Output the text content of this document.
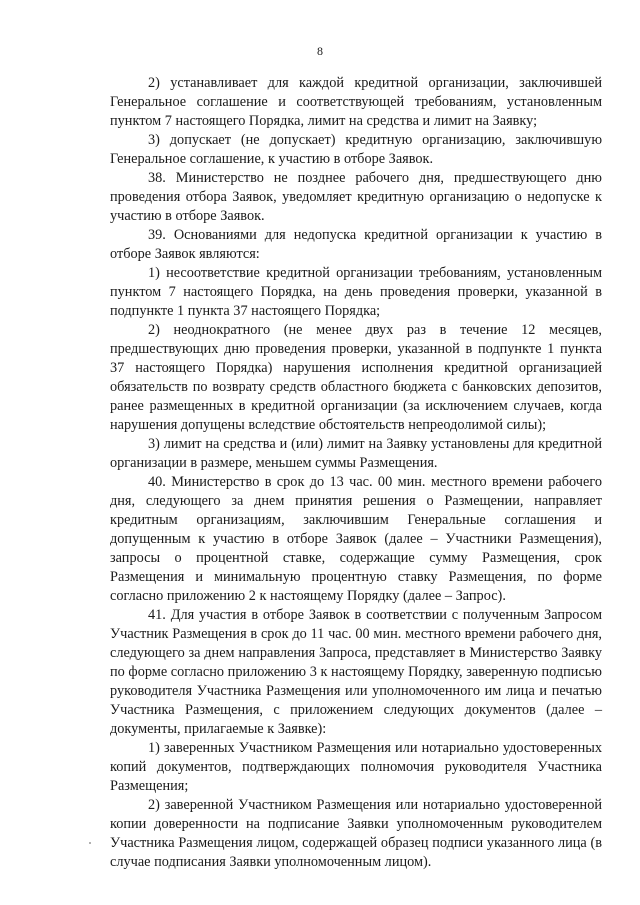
8

2) устанавливает для каждой кредитной организации, заключившей Генеральное соглашение и соответствующей требованиям, установленным пунктом 7 настоящего Порядка, лимит на средства и лимит на Заявку;

3) допускает (не допускает) кредитную организацию, заключившую Генеральное соглашение, к участию в отборе Заявок.

38. Министерство не позднее рабочего дня, предшествующего дню проведения отбора Заявок, уведомляет кредитную организацию о недопуске к участию в отборе Заявок.

39. Основаниями для недопуска кредитной организации к участию в отборе Заявок являются:

1) несоответствие кредитной организации требованиям, установленным пунктом 7 настоящего Порядка, на день проведения проверки, указанной в подпункте 1 пункта 37 настоящего Порядка;

2) неоднократного (не менее двух раз в течение 12 месяцев, предшествующих дню проведения проверки, указанной в подпункте 1 пункта 37 настоящего Порядка) нарушения исполнения кредитной организацией обязательств по возврату средств областного бюджета с банковских депозитов, ранее размещенных в кредитной организации (за исключением случаев, когда нарушения допущены вследствие обстоятельств непреодолимой силы);

3) лимит на средства и (или) лимит на Заявку установлены для кредитной организации в размере, меньшем суммы Размещения.

40. Министерство в срок до 13 час. 00 мин. местного времени рабочего дня, следующего за днем принятия решения о Размещении, направляет кредитным организациям, заключившим Генеральные соглашения и допущенным к участию в отборе Заявок (далее – Участники Размещения), запросы о процентной ставке, содержащие сумму Размещения, срок Размещения и минимальную процентную ставку Размещения, по форме согласно приложению 2 к настоящему Порядку (далее – Запрос).

41. Для участия в отборе Заявок в соответствии с полученным Запросом Участник Размещения в срок до 11 час. 00 мин. местного времени рабочего дня, следующего за днем направления Запроса, представляет в Министерство Заявку по форме согласно приложению 3 к настоящему Порядку, заверенную подписью руководителя Участника Размещения или уполномоченного им лица и печатью Участника Размещения, с приложением следующих документов (далее – документы, прилагаемые к Заявке):

1) заверенных Участником Размещения или нотариально удостоверенных копий документов, подтверждающих полномочия руководителя Участника Размещения;

2) заверенной Участником Размещения или нотариально удостоверенной копии доверенности на подписание Заявки уполномоченным руководителем Участника Размещения лицом, содержащей образец подписи указанного лица (в случае подписания Заявки уполномоченным лицом).
